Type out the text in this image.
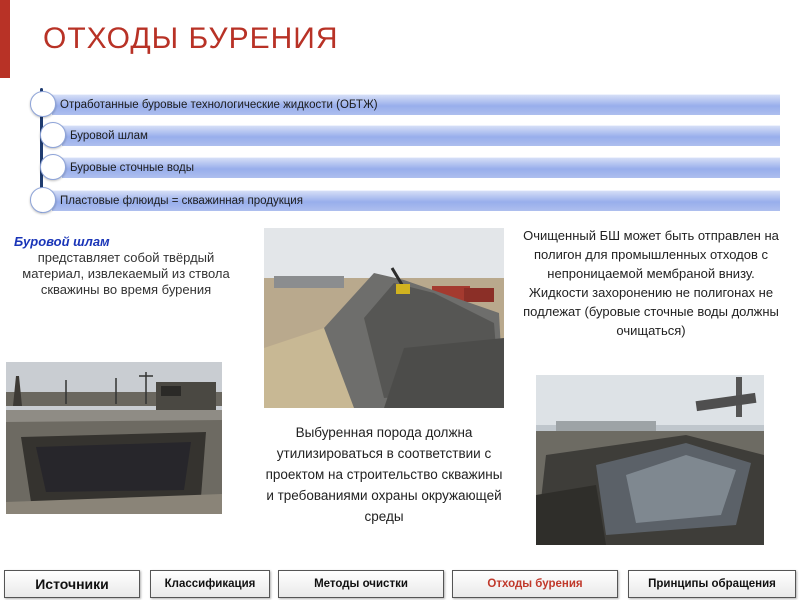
ОТХОДЫ БУРЕНИЯ
Отработанные буровые технологические жидкости (ОБТЖ)
Буровой шлам
Буровые сточные воды
Пластовые флюиды = скважинная продукция
Буровой шлам
представляет собой твёрдый материал, извлекаемый из ствола скважины во время бурения
Выбуренная порода должна утилизироваться в соответствии с проектом на строительство скважины и требованиями охраны окружающей среды
Очищенный БШ может быть отправлен на полигон для промышленных отходов с непроницаемой мембраной внизу. Жидкости захоронению не полигонах не подлежат (буровые сточные воды должны очищаться)
Источники	Классификация	Методы очистки	Отходы бурения	Принципы обращения
